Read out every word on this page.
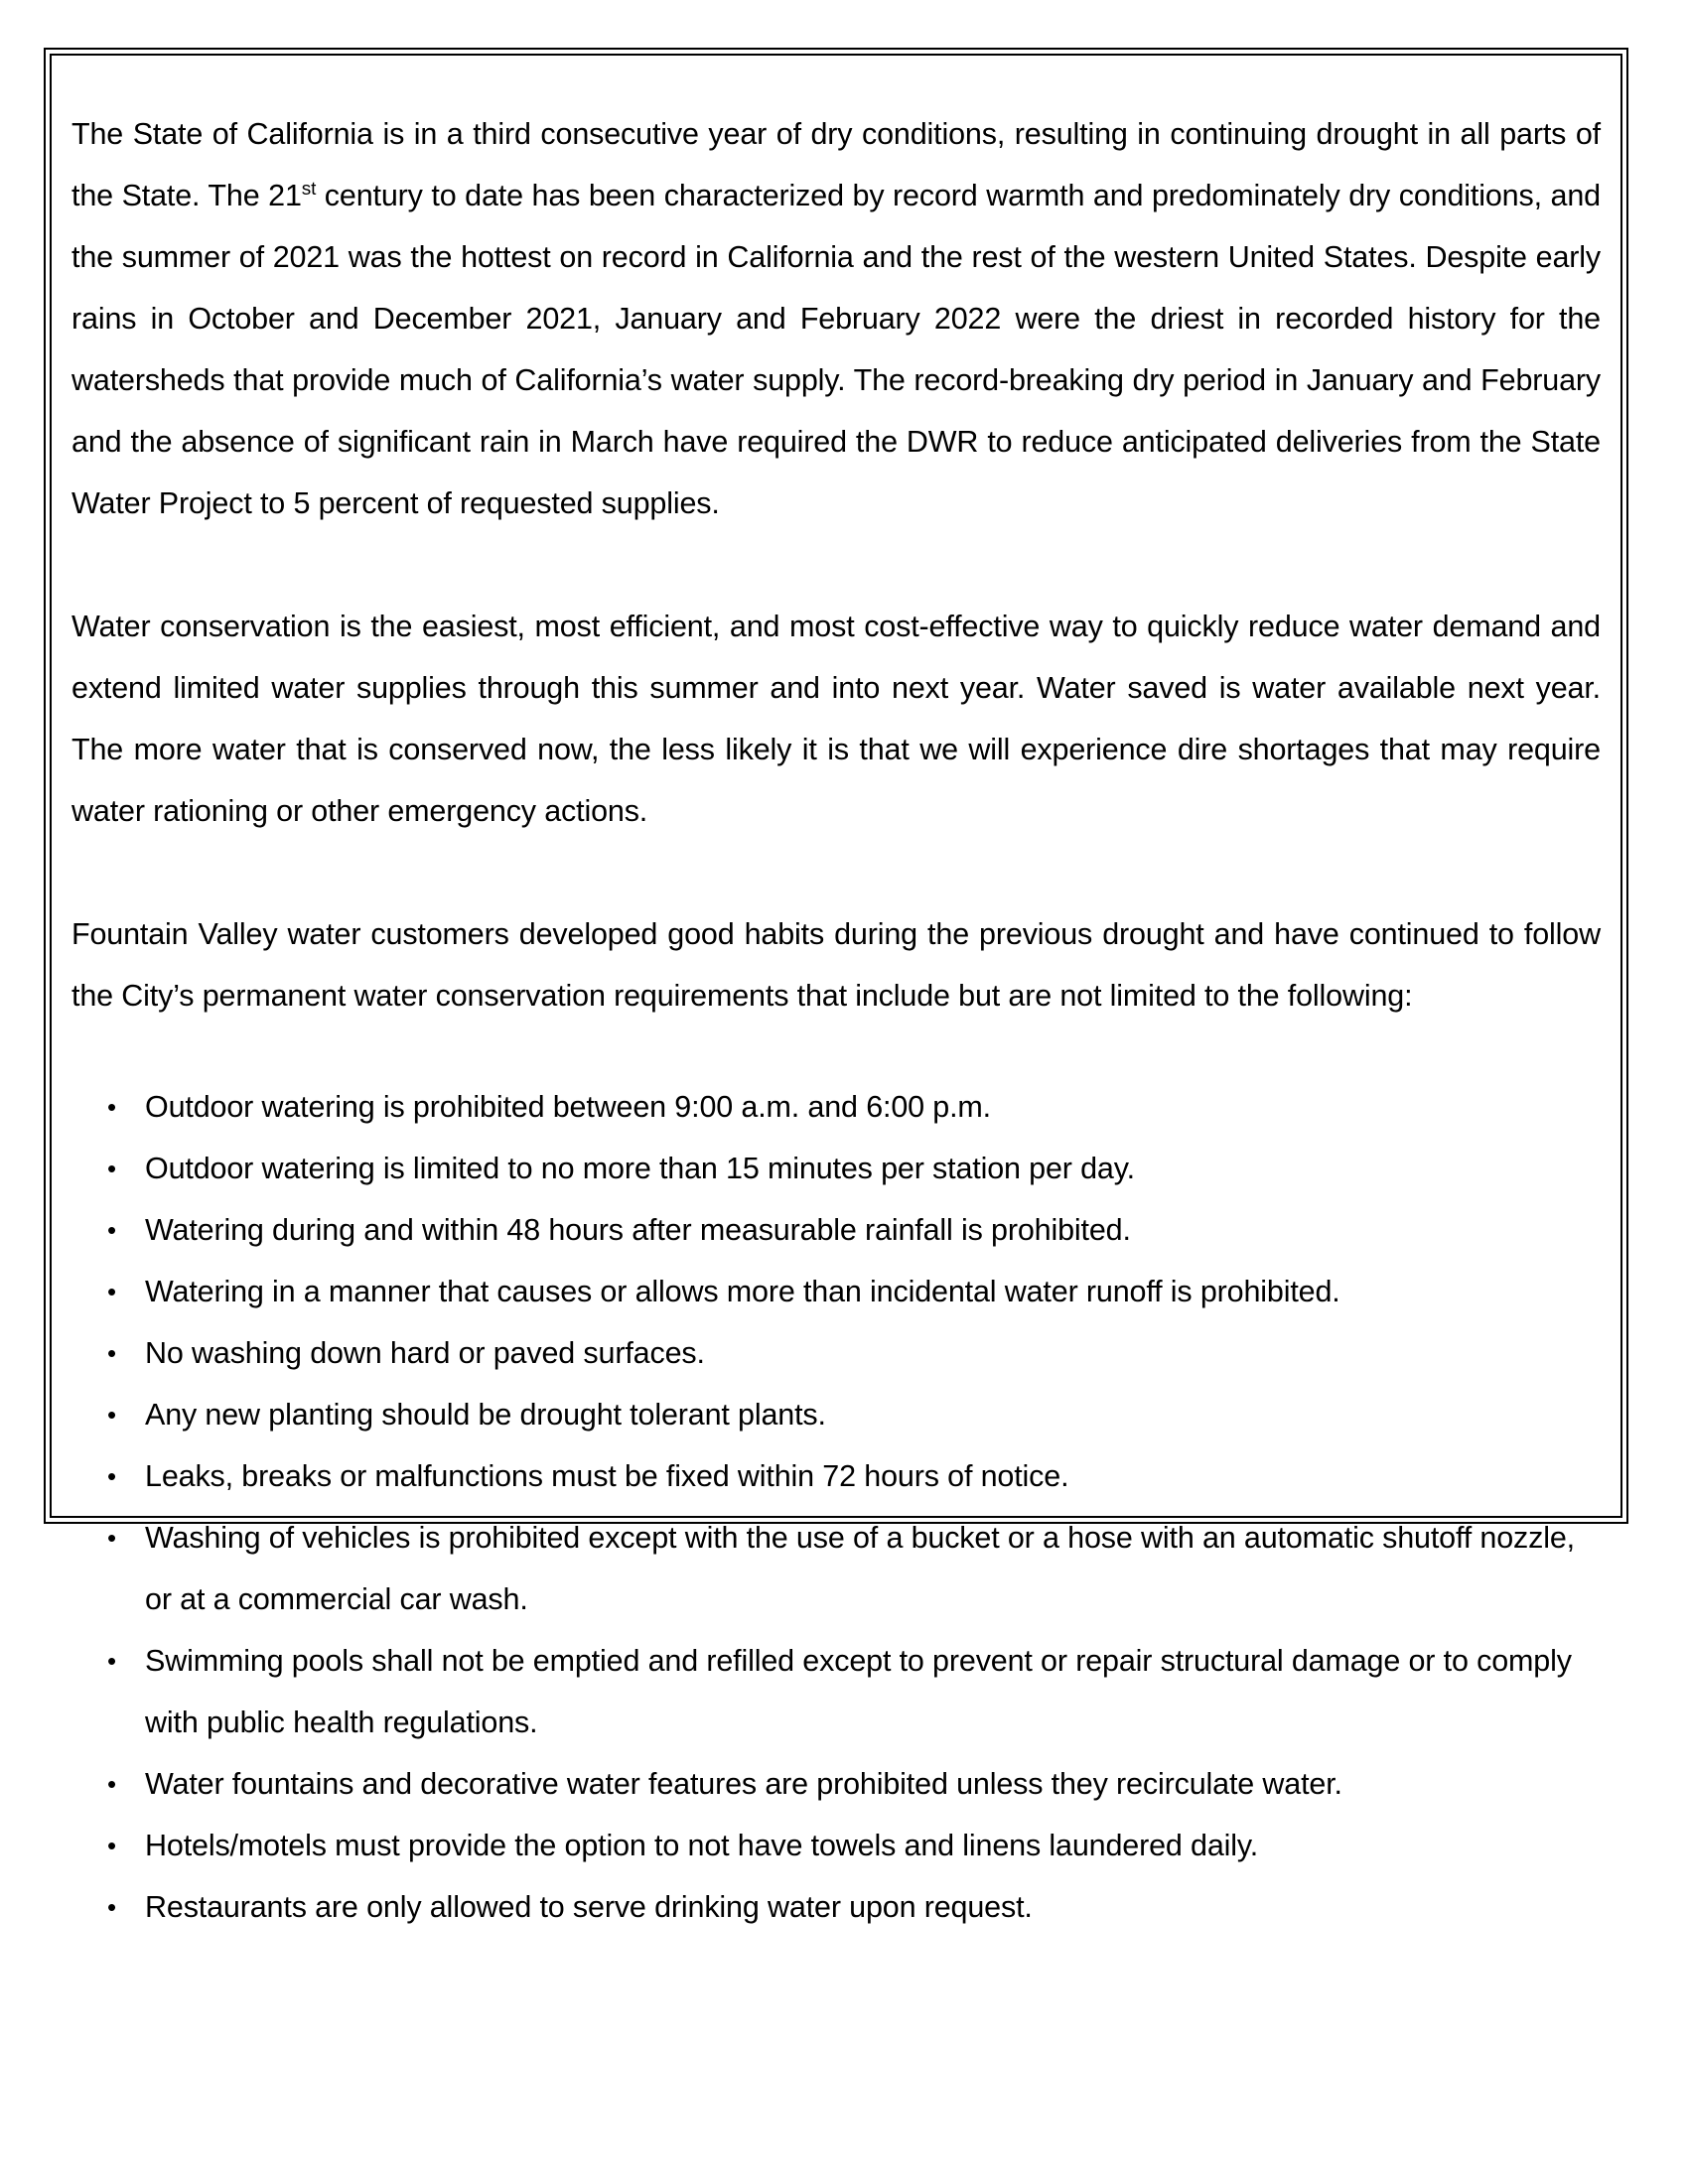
The State of California is in a third consecutive year of dry conditions, resulting in continuing drought in all parts of the State. The 21st century to date has been characterized by record warmth and predominately dry conditions, and the summer of 2021 was the hottest on record in California and the rest of the western United States. Despite early rains in October and December 2021, January and February 2022 were the driest in recorded history for the watersheds that provide much of California’s water supply. The record-breaking dry period in January and February and the absence of significant rain in March have required the DWR to reduce anticipated deliveries from the State Water Project to 5 percent of requested supplies.

Water conservation is the easiest, most efficient, and most cost-effective way to quickly reduce water demand and extend limited water supplies through this summer and into next year. Water saved is water available next year. The more water that is conserved now, the less likely it is that we will experience dire shortages that may require water rationing or other emergency actions.

Fountain Valley water customers developed good habits during the previous drought and have continued to follow the City’s permanent water conservation requirements that include but are not limited to the following:

• Outdoor watering is prohibited between 9:00 a.m. and 6:00 p.m.
• Outdoor watering is limited to no more than 15 minutes per station per day.
• Watering during and within 48 hours after measurable rainfall is prohibited.
• Watering in a manner that causes or allows more than incidental water runoff is prohibited.
• No washing down hard or paved surfaces.
• Any new planting should be drought tolerant plants.
• Leaks, breaks or malfunctions must be fixed within 72 hours of notice.
• Washing of vehicles is prohibited except with the use of a bucket or a hose with an automatic shutoff nozzle, or at a commercial car wash.
• Swimming pools shall not be emptied and refilled except to prevent or repair structural damage or to comply with public health regulations.
• Water fountains and decorative water features are prohibited unless they recirculate water.
• Hotels/motels must provide the option to not have towels and linens laundered daily.
• Restaurants are only allowed to serve drinking water upon request.
